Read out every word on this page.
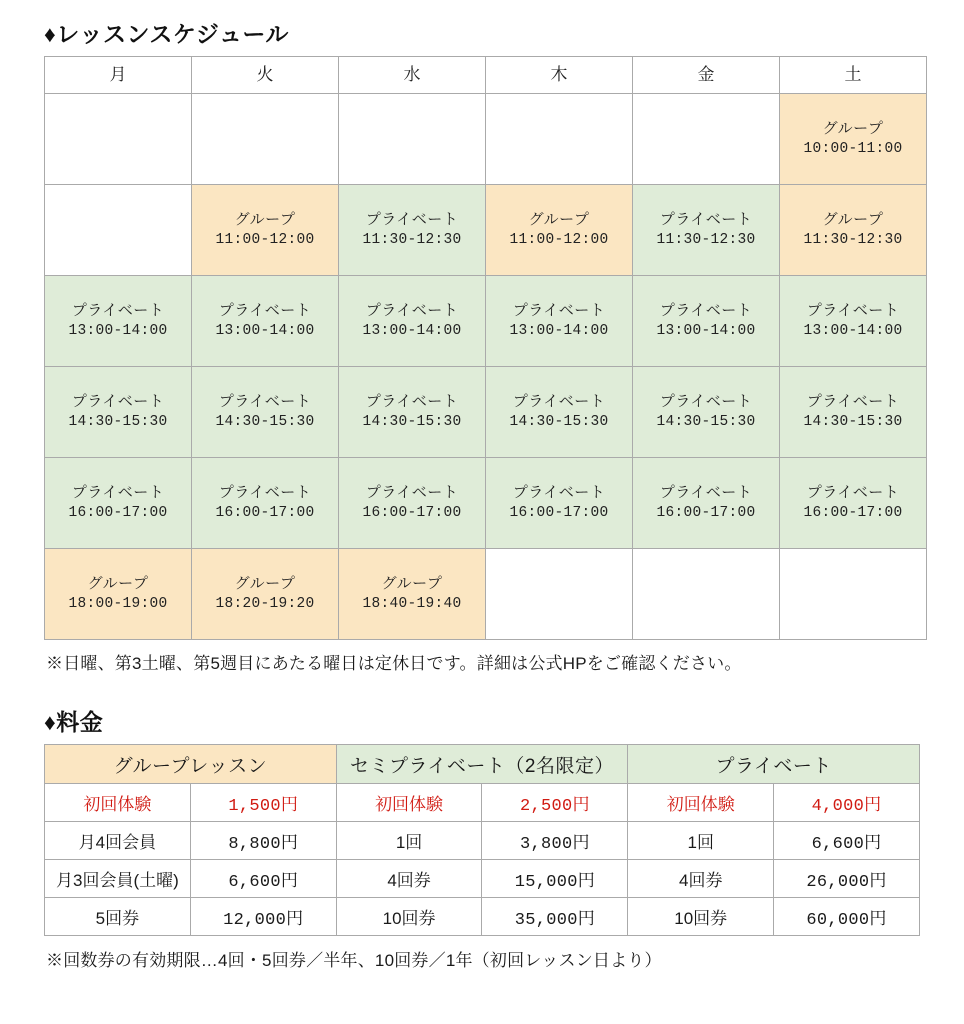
♦レッスンスケジュール
月	火	水	木	金	土

					グループ
10:00-11:00

	グループ
11:00-12:00	プライベート
11:30-12:30	グループ
11:00-12:00	プライベート
11:30-12:30	グループ
11:30-12:30

プライベート
13:00-14:00	プライベート
13:00-14:00	プライベート
13:00-14:00	プライベート
13:00-14:00	プライベート
13:00-14:00	プライベート
13:00-14:00

プライベート
14:30-15:30	プライベート
14:30-15:30	プライベート
14:30-15:30	プライベート
14:30-15:30	プライベート
14:30-15:30	プライベート
14:30-15:30

プライベート
16:00-17:00	プライベート
16:00-17:00	プライベート
16:00-17:00	プライベート
16:00-17:00	プライベート
16:00-17:00	プライベート
16:00-17:00

グループ
18:00-19:00	グループ
18:20-19:20	グループ
18:40-19:40			

※日曜、第3土曜、第5週目にあたる曜日は定休日です。詳細は公式HPをご確認ください。
♦料金
グループレッスン		セミプライベート（2名限定）		プライベート	
初回体験	1,500円	初回体験	2,500円	初回体験	4,000円
月4回会員	8,800円	1回	3,800円	1回	6,600円
月3回会員(土曜)	6,600円	4回券	15,000円	4回券	26,000円
5回券	12,000円	10回券	35,000円	10回券	60,000円
※回数券の有効期限…4回・5回券／半年、10回券／1年（初回レッスン日より）
